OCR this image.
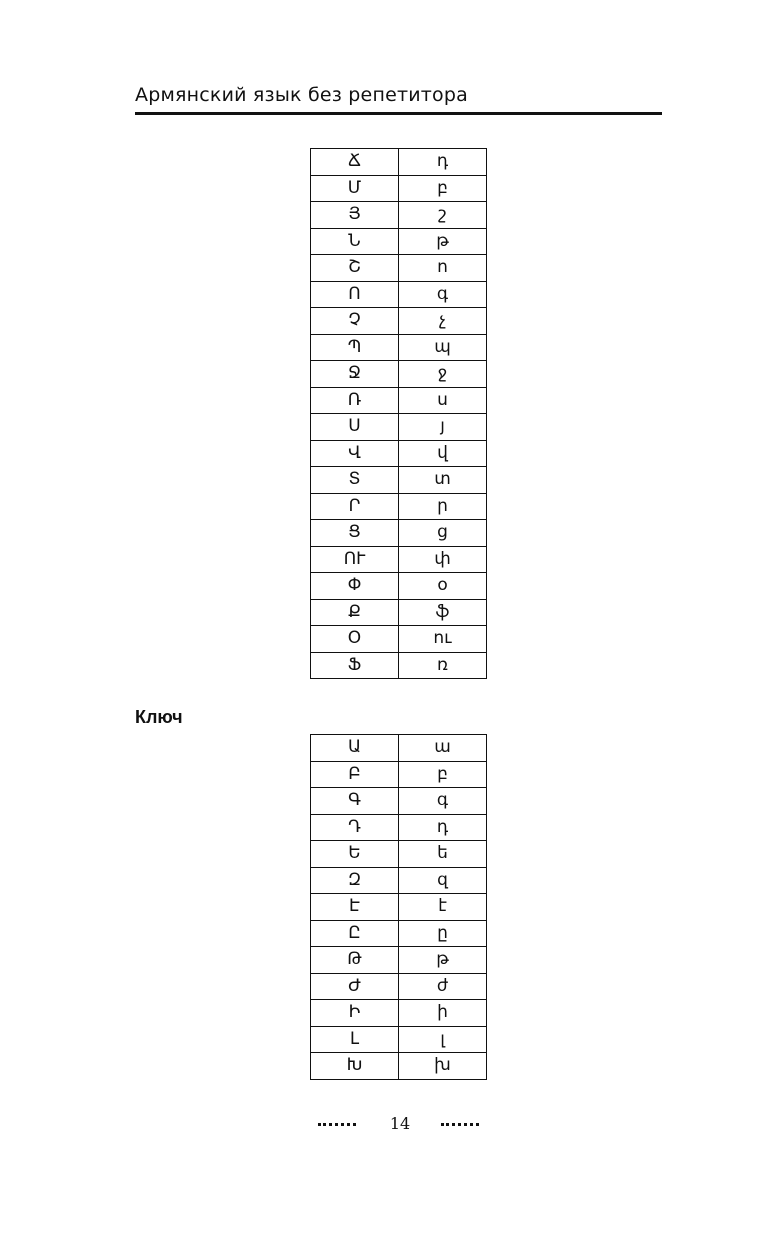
Армянский язык без репетитора
Ճ	դ
Մ	բ
Յ	շ
Ն	թ
Շ	ո
Ո	գ
Չ	չ
Պ	պ
Ջ	ջ
Ռ	ս
Ս	յ
Վ	վ
Տ	տ
Ր	ր
Ց	ց
ՈՒ	փ
Փ	օ
Ք	ֆ
Օ	ու
Ֆ	ռ
Ключ
Ա	ա
Բ	բ
Գ	գ
Դ	դ
Ե	ե
Զ	զ
Է	է
Ը	ը
Թ	թ
Ժ	ժ
Ի	ի
Լ	լ
Խ	խ
14
